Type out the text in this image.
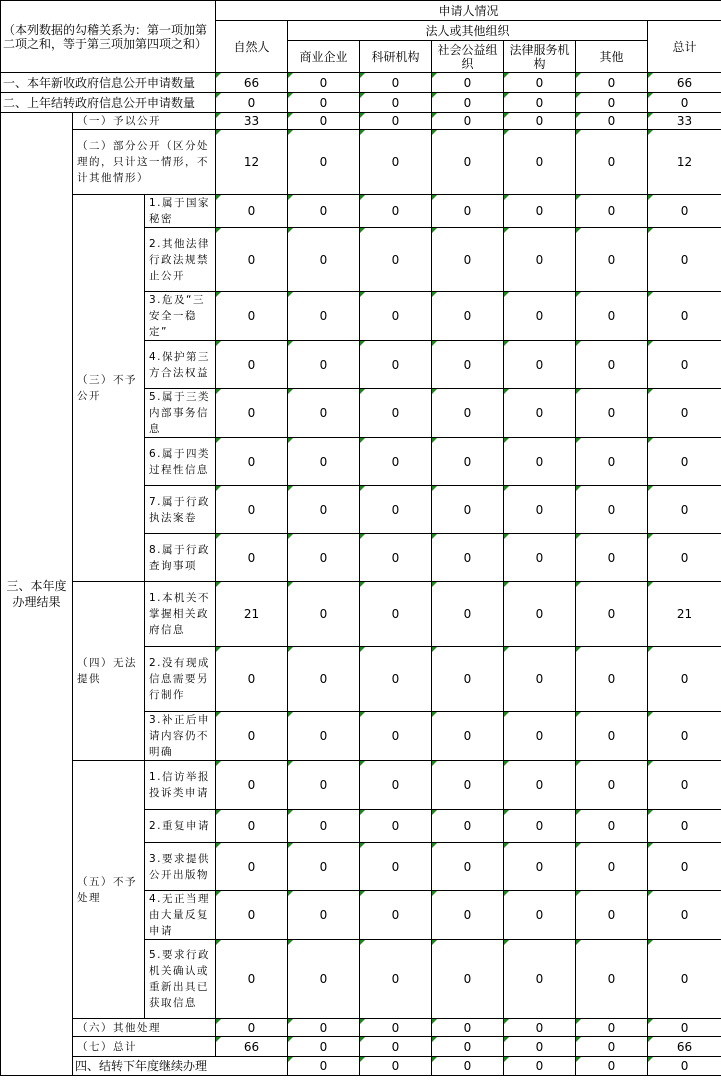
（本列数据的勾稽关系为：第一项加第二项之和，等于第三项加第四项之和）			申请人情况							
			自然人	法人或其他组织					总计	
				商业企业	科研机构	社会公益组织	法律服务机构	其他		
一、本年新收政府信息公开申请数量			66	0	0	0	0	0	66	
二、上年结转政府信息公开申请数量			0	0	0	0	0	0	0	
三、本年度办理结果	（一）予以公开		33	0	0	0	0	0	33	
	（二）部分公开（区分处理的，只计这一情形，不计其他情形）		12	0	0	0	0	0	12	
	（三）不予公开	1.属于国家秘密	0	0	0	0	0	0	0	
		2.其他法律行政法规禁止公开	0	0	0	0	0	0	0	
		3.危及“三安全一稳定”	0	0	0	0	0	0	0	
		4.保护第三方合法权益	0	0	0	0	0	0	0	
		5.属于三类内部事务信息	0	0	0	0	0	0	0	
		6.属于四类过程性信息	0	0	0	0	0	0	0	
		7.属于行政执法案卷	0	0	0	0	0	0	0	
		8.属于行政查询事项	0	0	0	0	0	0	0	
	（四）无法提供	1.本机关不掌握相关政府信息	21	0	0	0	0	0	21	
		2.没有现成信息需要另行制作	0	0	0	0	0	0	0	
		3.补正后申请内容仍不明确	0	0	0	0	0	0	0	
	（五）不予处理	1.信访举报投诉类申请	0	0	0	0	0	0	0	
		2.重复申请	0	0	0	0	0	0	0	
		3.要求提供公开出版物	0	0	0	0	0	0	0	
		4.无正当理由大量反复申请	0	0	0	0	0	0	0	
		5.要求行政机关确认或重新出具已获取信息	0	0	0	0	0	0	0	
	（六）其他处理		0	0	0	0	0	0	0	
	（七）总计		66	0	0	0	0	0	66	
	四、结转下年度继续办理			0	0	0	0	0	0	
